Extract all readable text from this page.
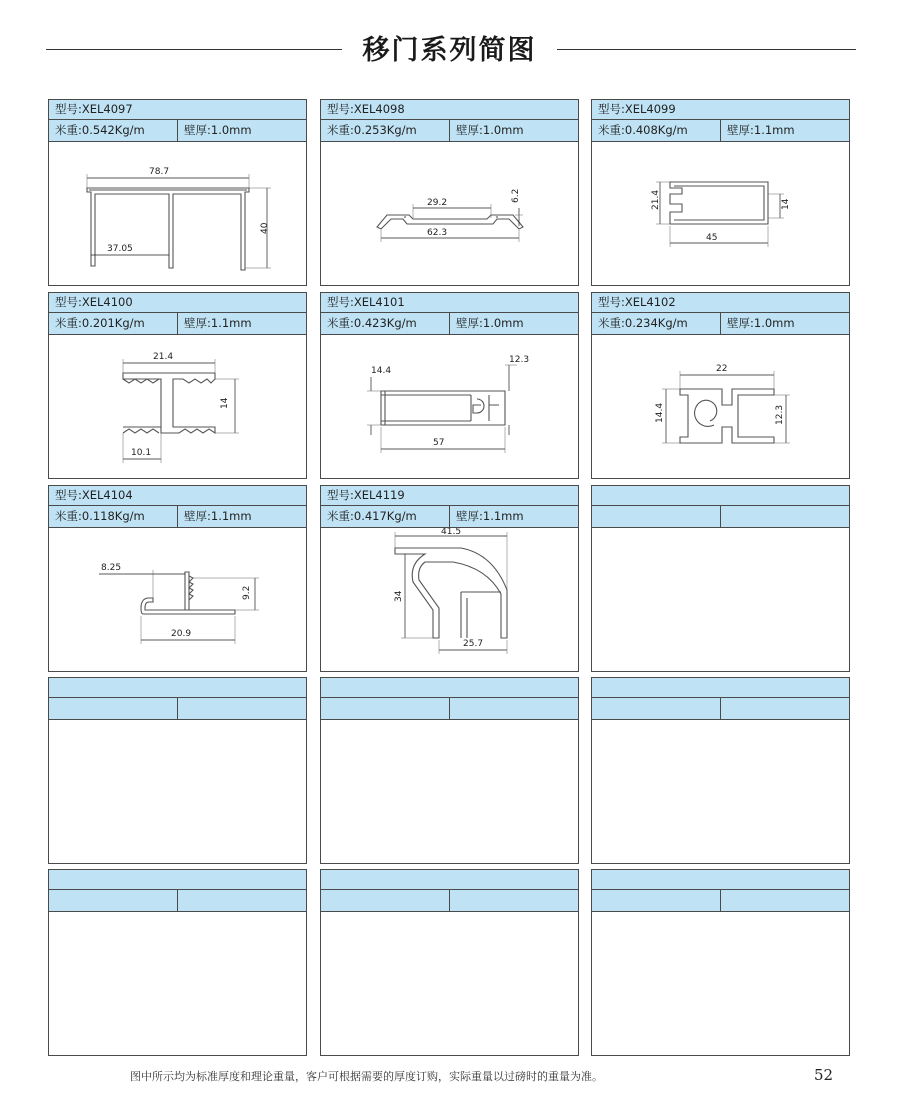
移门系列简图
型号:XEL4097
米重:0.542Kg/m	壁厚:1.0mm
78.7
40
37.05
型号:XEL4098
米重:0.253Kg/m	壁厚:1.0mm
29.2	6.2
62.3
型号:XEL4099
米重:0.408Kg/m	壁厚:1.1mm
21.4	14
45
型号:XEL4100
米重:0.201Kg/m	壁厚:1.1mm
21.4
14
10.1
型号:XEL4101
米重:0.423Kg/m	壁厚:1.0mm
14.4
12.3
57
型号:XEL4102
米重:0.234Kg/m	壁厚:1.0mm
22
14.4	12.3
型号:XEL4104
米重:0.118Kg/m	壁厚:1.1mm
8.25
9.2
20.9
型号:XEL4119
米重:0.417Kg/m	壁厚:1.1mm
41.5
34
25.7
图中所示均为标准厚度和理论重量，客户可根据需要的厚度订购，实际重量以过磅时的重量为准。	52
